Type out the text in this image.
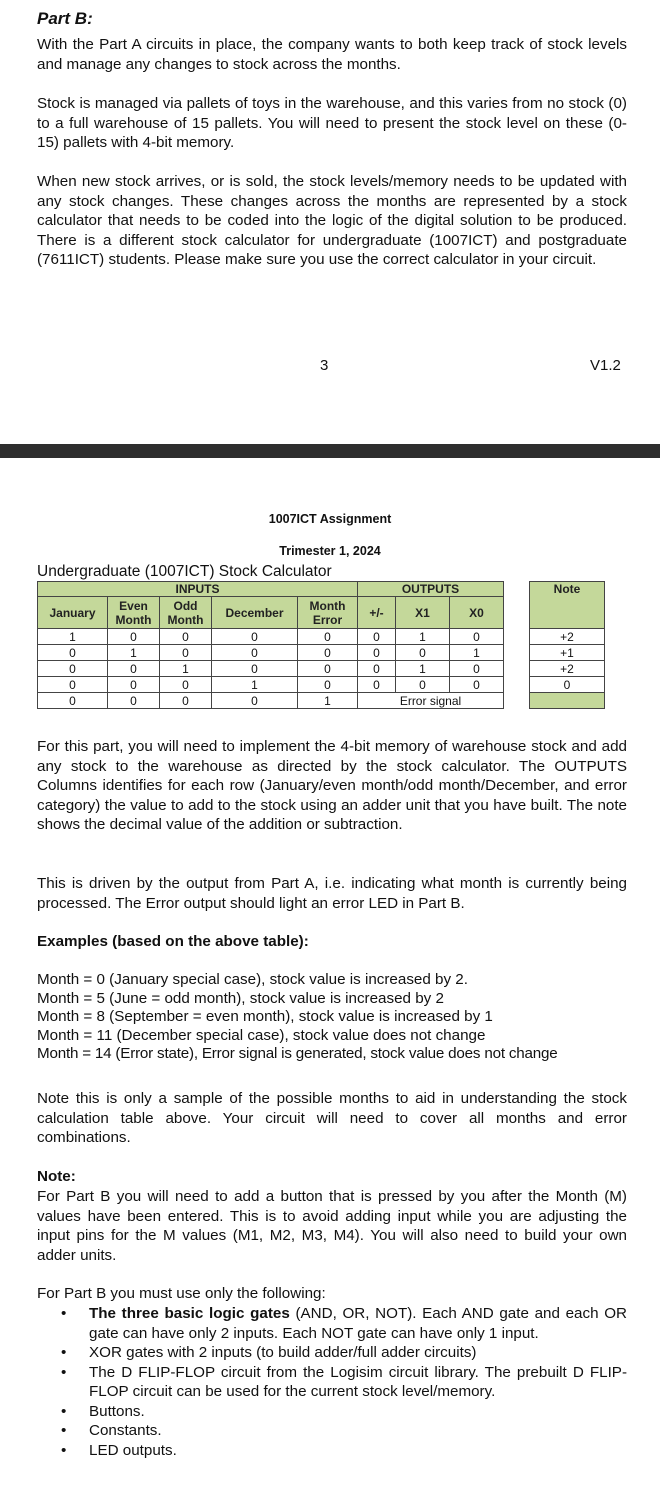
Part B:

With the Part A circuits in place, the company wants to both keep track of stock levels and manage any changes to stock across the months.

Stock is managed via pallets of toys in the warehouse, and this varies from no stock (0) to a full warehouse of 15 pallets. You will need to present the stock level on these (0-15) pallets with 4-bit memory.

When new stock arrives, or is sold, the stock levels/memory needs to be updated with any stock changes. These changes across the months are represented by a stock calculator that needs to be coded into the logic of the digital solution to be produced. There is a different stock calculator for undergraduate (1007ICT) and postgraduate (7611ICT) students. Please make sure you use the correct calculator in your circuit.

3	V1.2
1007ICT Assignment
Trimester 1, 2024
Undergraduate (1007ICT) Stock Calculator
INPUTS					OUTPUTS				Note
January	Even Month	Odd Month	December	Month Error	+/-	X1	X0		
1	0	0	0	0	0	1	0		+2
0	1	0	0	0	0	0	1		+1
0	0	1	0	0	0	1	0		+2
0	0	0	1	0	0	0	0		0
0	0	0	0	1	Error signal				

For this part, you will need to implement the 4-bit memory of warehouse stock and add any stock to the warehouse as directed by the stock calculator. The OUTPUTS Columns identifies for each row (January/even month/odd month/December, and error category) the value to add to the stock using an adder unit that you have built. The note shows the decimal value of the addition or subtraction.

This is driven by the output from Part A, i.e. indicating what month is currently being processed. The Error output should light an error LED in Part B.

Examples (based on the above table):
Month = 0 (January special case), stock value is increased by 2.
Month = 5 (June = odd month), stock value is increased by 2
Month = 8 (September = even month), stock value is increased by 1
Month = 11 (December special case), stock value does not change
Month = 14 (Error state), Error signal is generated, stock value does not change

Note this is only a sample of the possible months to aid in understanding the stock calculation table above. Your circuit will need to cover all months and error combinations.

Note:

For Part B you will need to add a button that is pressed by you after the Month (M) values have been entered. This is to avoid adding input while you are adjusting the input pins for the M values (M1, M2, M3, M4). You will also need to build your own adder units.

For Part B you must use only the following:
• The three basic logic gates (AND, OR, NOT). Each AND gate and each OR gate can have only 2 inputs. Each NOT gate can have only 1 input.
• XOR gates with 2 inputs (to build adder/full adder circuits)
• The D FLIP-FLOP circuit from the Logisim circuit library. The prebuilt D FLIP-FLOP circuit can be used for the current stock level/memory.
• Buttons.
• Constants.
• LED outputs.
